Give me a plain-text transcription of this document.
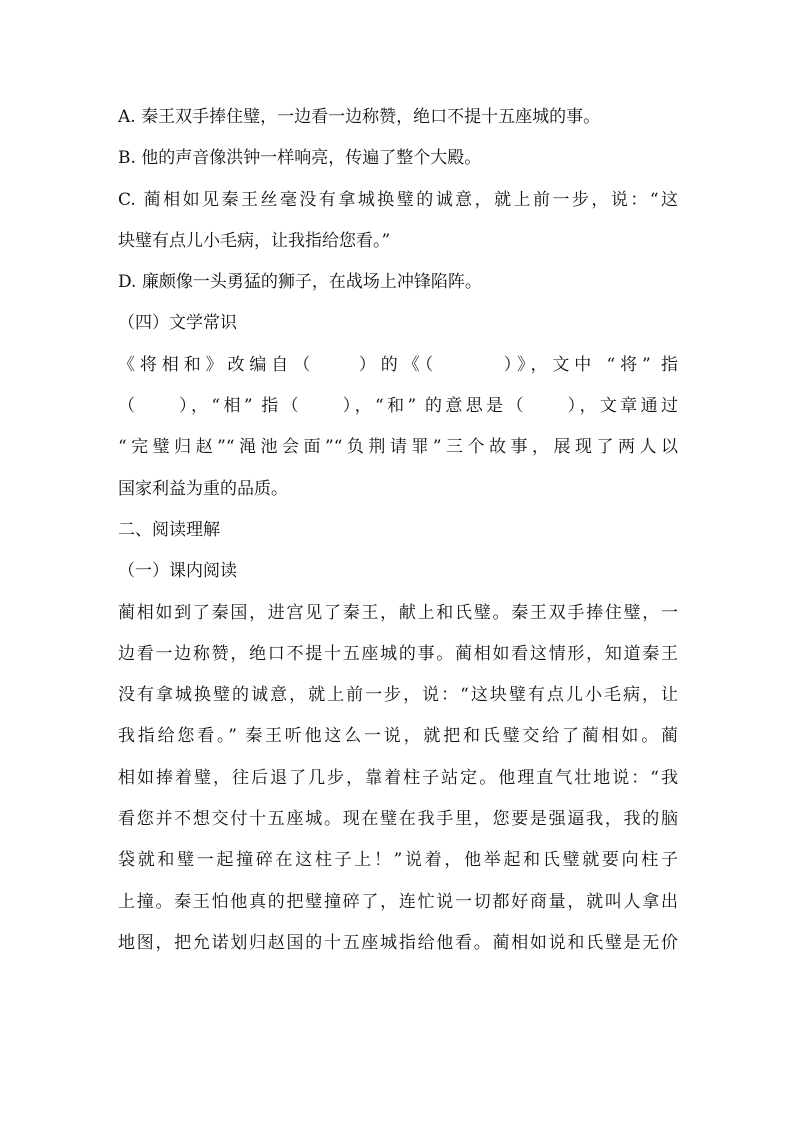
A. 秦王双手捧住璧，一边看一边称赞，绝口不提十五座城的事。
B. 他的声音像洪钟一样响亮，传遍了整个大殿。
C. 蔺相如见秦王丝毫没有拿城换璧的诚意，就上前一步，说：“这
块璧有点儿小毛病，让我指给您看。”
D. 廉颇像一头勇猛的狮子，在战场上冲锋陷阵。
（四）文学常识
《将相和》改编自（　　）的《（　　　）》，文中 “将” 指
（　　），“相” 指（　　），“和” 的意思是（　　），文章通过
“完璧归赵”“渑池会面”“负荆请罪”三个故事，展现了两人以
国家利益为重的品质。
二、阅读理解
（一）课内阅读
蔺相如到了秦国，进宫见了秦王，献上和氏璧。秦王双手捧住璧，一
边看一边称赞，绝口不提十五座城的事。蔺相如看这情形，知道秦王
没有拿城换璧的诚意，就上前一步，说：“这块璧有点儿小毛病，让
我指给您看。” 秦王听他这么一说，就把和氏璧交给了蔺相如。蔺
相如捧着璧，往后退了几步，靠着柱子站定。他理直气壮地说：“我
看您并不想交付十五座城。现在璧在我手里，您要是强逼我，我的脑
袋就和璧一起撞碎在这柱子上！”说着，他举起和氏璧就要向柱子
上撞。秦王怕他真的把璧撞碎了，连忙说一切都好商量，就叫人拿出
地图，把允诺划归赵国的十五座城指给他看。蔺相如说和氏璧是无价
